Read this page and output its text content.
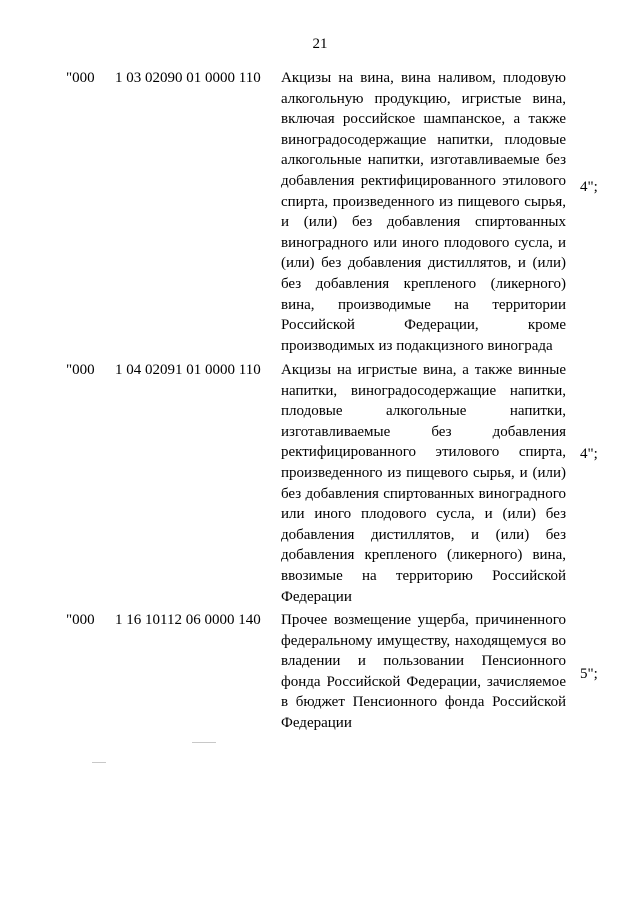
21
"000 1 03 02090 01 0000 110 Акцизы на вина, вина наливом, плодовую алкогольную продукцию, игристые вина, включая российское шампанское, а также виноградосодержащие напитки, плодовые алкогольные напитки, изготавливаемые без добавления ректифицированного этилового спирта, произведенного из пищевого сырья, и (или) без добавления спиртованных виноградного или иного плодового сусла, и (или) без добавления дистиллятов, и (или) без добавления крепленого (ликерного) вина, производимые на территории Российской Федерации, кроме производимых из подакцизного винограда
4";
"000 1 04 02091 01 0000 110 Акцизы на игристые вина, а также винные напитки, виноградосодержащие напитки, плодовые алкогольные напитки, изготавливаемые без добавления ректифицированного этилового спирта, произведенного из пищевого сырья, и (или) без добавления спиртованных виноградного или иного плодового сусла, и (или) без добавления дистиллятов, и (или) без добавления крепленого (ликерного) вина, ввозимые на территорию Российской Федерации
4";
"000 1 16 10112 06 0000 140 Прочее возмещение ущерба, причиненного федеральному имуществу, находящемуся во владении и пользовании Пенсионного фонда Российской Федерации, зачисляемое в бюджет Пенсионного фонда Российской Федерации
5";
